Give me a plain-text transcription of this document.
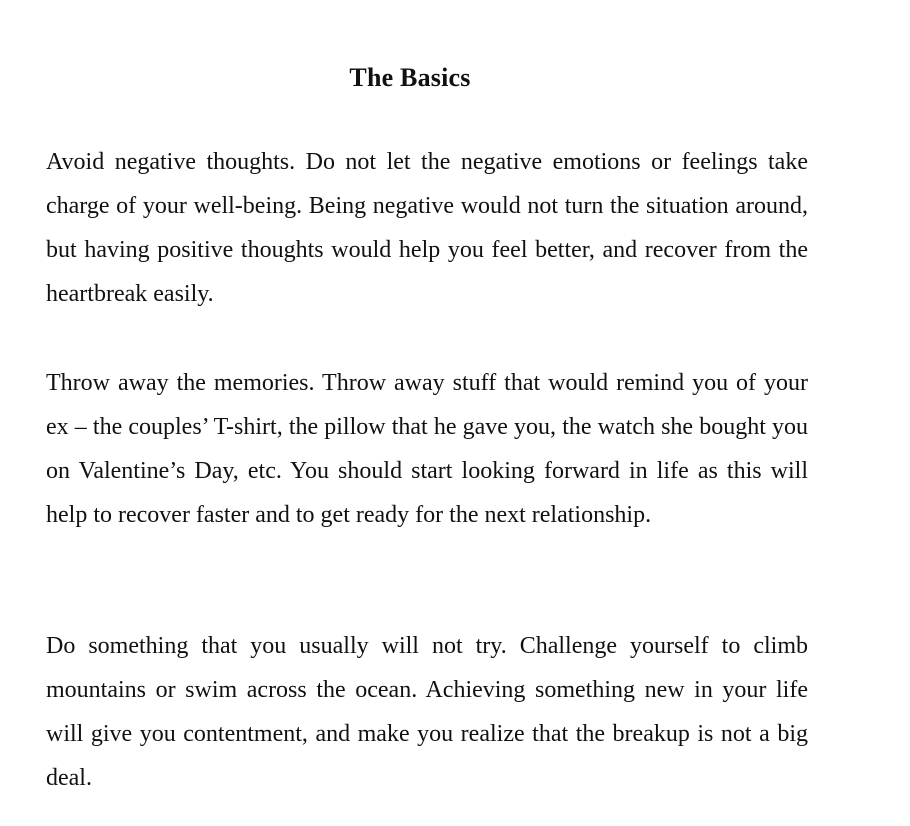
The Basics

Avoid negative thoughts. Do not let the negative emotions or feelings take charge of your well-being. Being negative would not turn the situation around, but having positive thoughts would help you feel better, and recover from the heartbreak easily.

Throw away the memories. Throw away stuff that would remind you of your ex – the couples’ T-shirt, the pillow that he gave you, the watch she bought you on Valentine’s Day, etc. You should start looking forward in life as this will help to recover faster and to get ready for the next relationship.

Do something that you usually will not try. Challenge yourself to climb mountains or swim across the ocean. Achieving something new in your life will give you contentment, and make you realize that the breakup is not a big deal.
